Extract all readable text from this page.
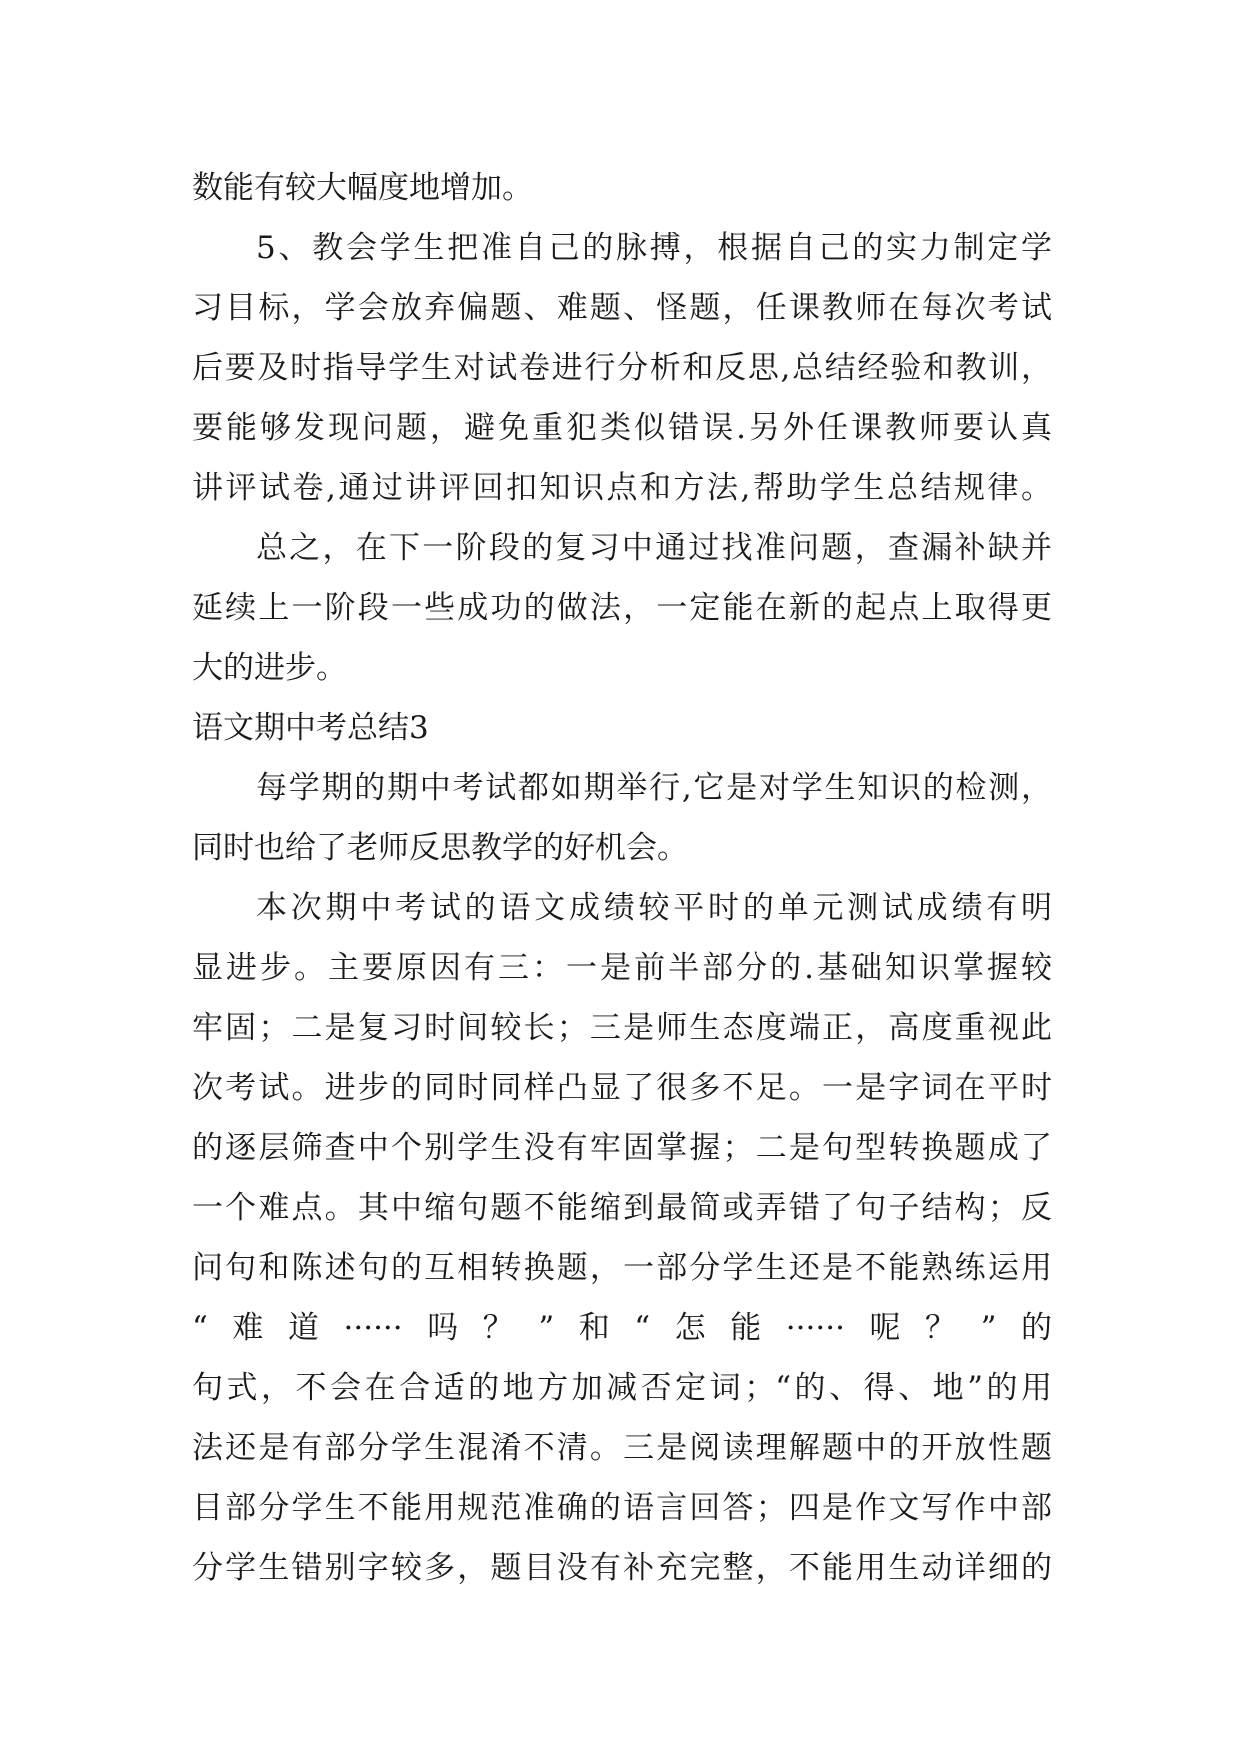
数能有较大幅度地增加。
5、教会学生把准自己的脉搏，根据自己的实力制定学
习目标，学会放弃偏题、难题、怪题，任课教师在每次考试
后要及时指导学生对试卷进行分析和反思,总结经验和教训，
要能够发现问题，避免重犯类似错误.另外任课教师要认真
讲评试卷,通过讲评回扣知识点和方法,帮助学生总结规律。
总之，在下一阶段的复习中通过找准问题，查漏补缺并
延续上一阶段一些成功的做法，一定能在新的起点上取得更
大的进步。
语文期中考总结3
每学期的期中考试都如期举行,它是对学生知识的检测，
同时也给了老师反思教学的好机会。
本次期中考试的语文成绩较平时的单元测试成绩有明
显进步。主要原因有三：一是前半部分的.基础知识掌握较
牢固；二是复习时间较长；三是师生态度端正，高度重视此
次考试。进步的同时同样凸显了很多不足。一是字词在平时
的逐层筛查中个别学生没有牢固掌握；二是句型转换题成了
一个难点。其中缩句题不能缩到最简或弄错了句子结构；反
问句和陈述句的互相转换题，一部分学生还是不能熟练运用
“难道······吗？”和“怎能······呢？”的
句式，不会在合适的地方加减否定词；“的、得、地”的用
法还是有部分学生混淆不清。三是阅读理解题中的开放性题
目部分学生不能用规范准确的语言回答；四是作文写作中部
分学生错别字较多，题目没有补充完整，不能用生动详细的
